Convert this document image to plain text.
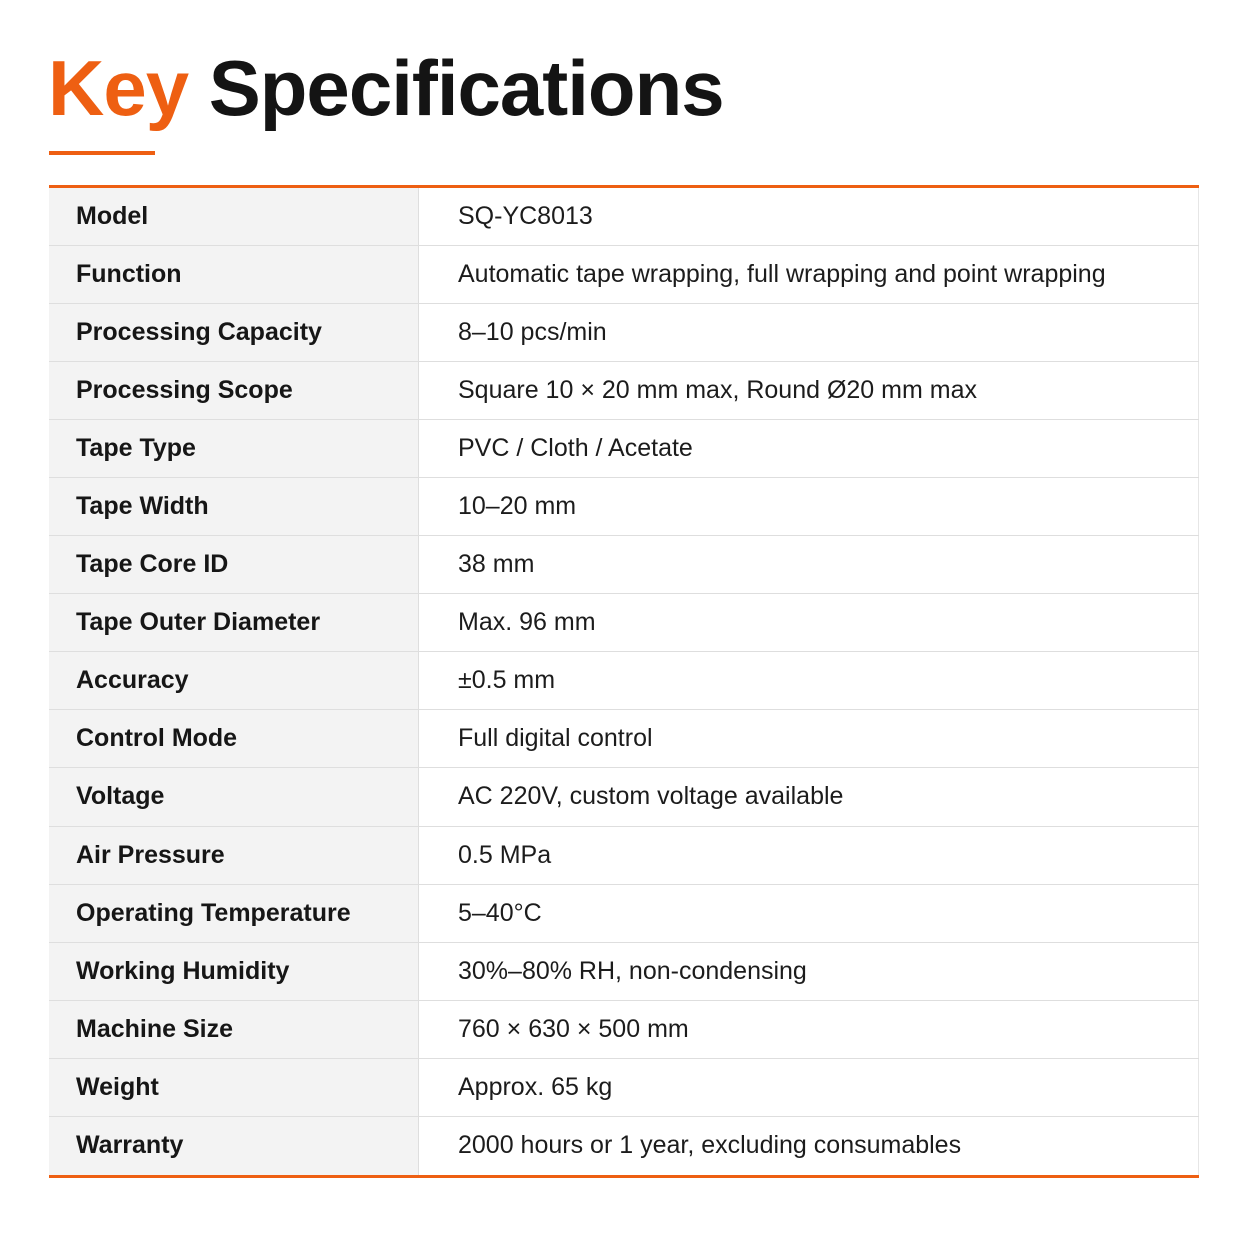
Key Specifications
Model	SQ-YC8013
Function	Automatic tape wrapping, full wrapping and point wrapping
Processing Capacity	8–10 pcs/min
Processing Scope	Square 10 × 20 mm max, Round Ø20 mm max
Tape Type	PVC / Cloth / Acetate
Tape Width	10–20 mm
Tape Core ID	38 mm
Tape Outer Diameter	Max. 96 mm
Accuracy	±0.5 mm
Control Mode	Full digital control
Voltage	AC 220V, custom voltage available
Air Pressure	0.5 MPa
Operating Temperature	5–40°C
Working Humidity	30%–80% RH, non-condensing
Machine Size	760 × 630 × 500 mm
Weight	Approx. 65 kg
Warranty	2000 hours or 1 year, excluding consumables
